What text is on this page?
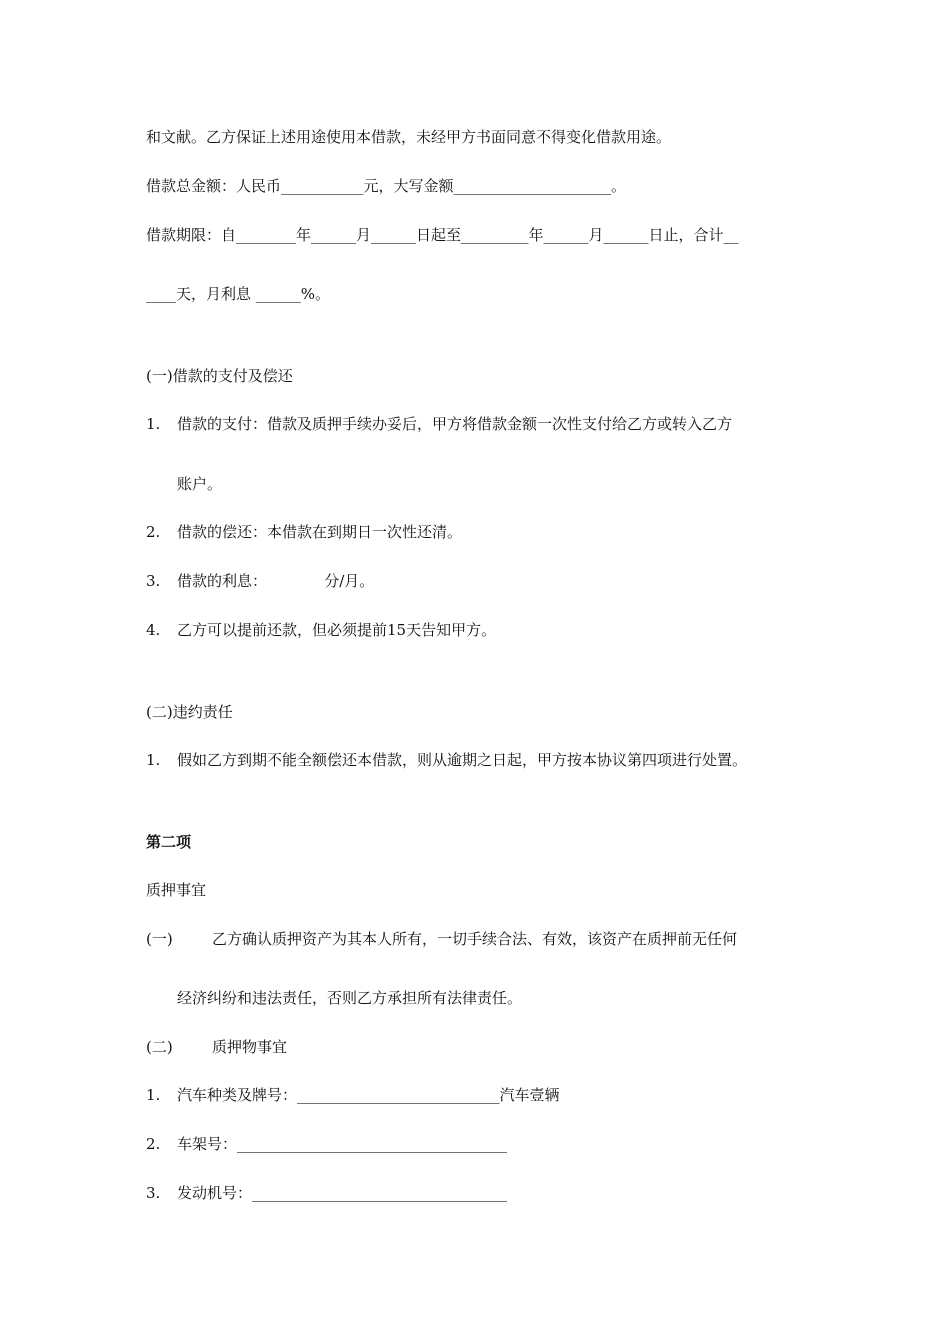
和文献。乙方保证上述用途使用本借款，未经甲方书面同意不得变化借款用途。
借款总金额：人民币___________元，大写金额_____________________。
借款期限：自________年______月______日起至_________年______月______日止，合计__
____天，月利息 ______%。
(一)借款的支付及偿还
1. 借款的支付：借款及质押手续办妥后，甲方将借款金额一次性支付给乙方或转入乙方
账户。
2. 借款的偿还：本借款在到期日一次性还清。
3. 借款的利息：            分/月。
4. 乙方可以提前还款，但必须提前15天告知甲方。
(二)违约责任
1. 假如乙方到期不能全额偿还本借款，则从逾期之日起，甲方按本协议第四项进行处置。
第二项
质押事宜
(一)	乙方确认质押资产为其本人所有，一切手续合法、有效，该资产在质押前无任何
经济纠纷和违法责任，否则乙方承担所有法律责任。
(二)	质押物事宜
1. 汽车种类及牌号：___________________________汽车壹辆
2. 车架号：____________________________________
3. 发动机号：__________________________________
